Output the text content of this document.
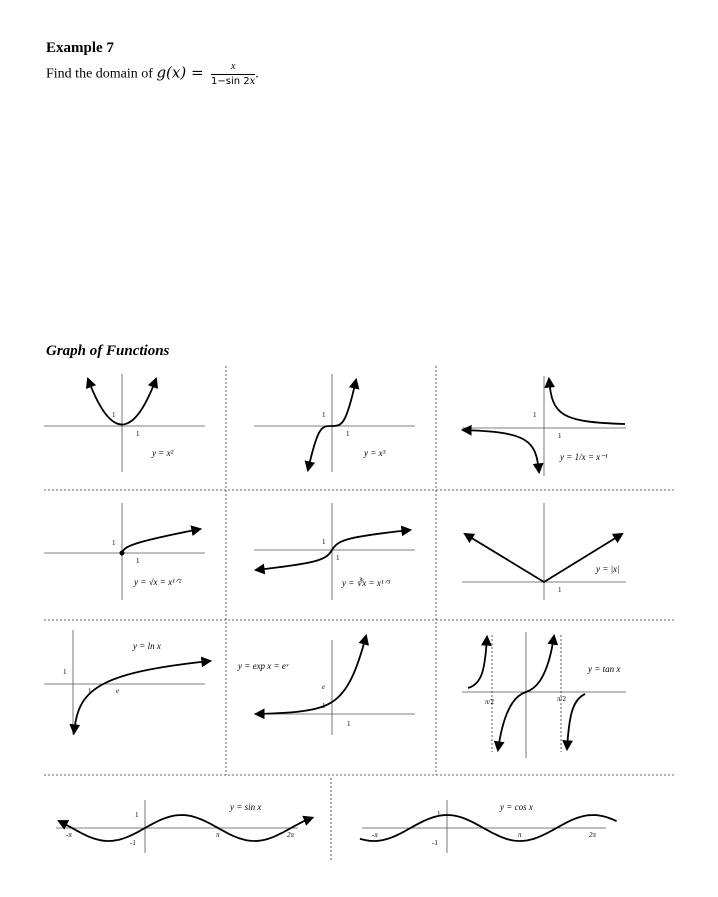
Example 7
Find the domain of $g(x) = \frac{x}{1-\sin 2x}$ .
Graph of Functions
1
1
y = x²
1
1
y = x³
1
1
y = 1/x = x⁻¹
1
1
y = √x = x¹ᐟ²
1
1
y = ∛x = x¹ᐟ³
1
y = |x|
1
1	e
y = ln x
e
1
1
y = exp x = eˣ
π/2	π/2
y = tan x
1
-1
-π	π	2π
y = sin x
1
-1
-π	π	2π
y = cos x
